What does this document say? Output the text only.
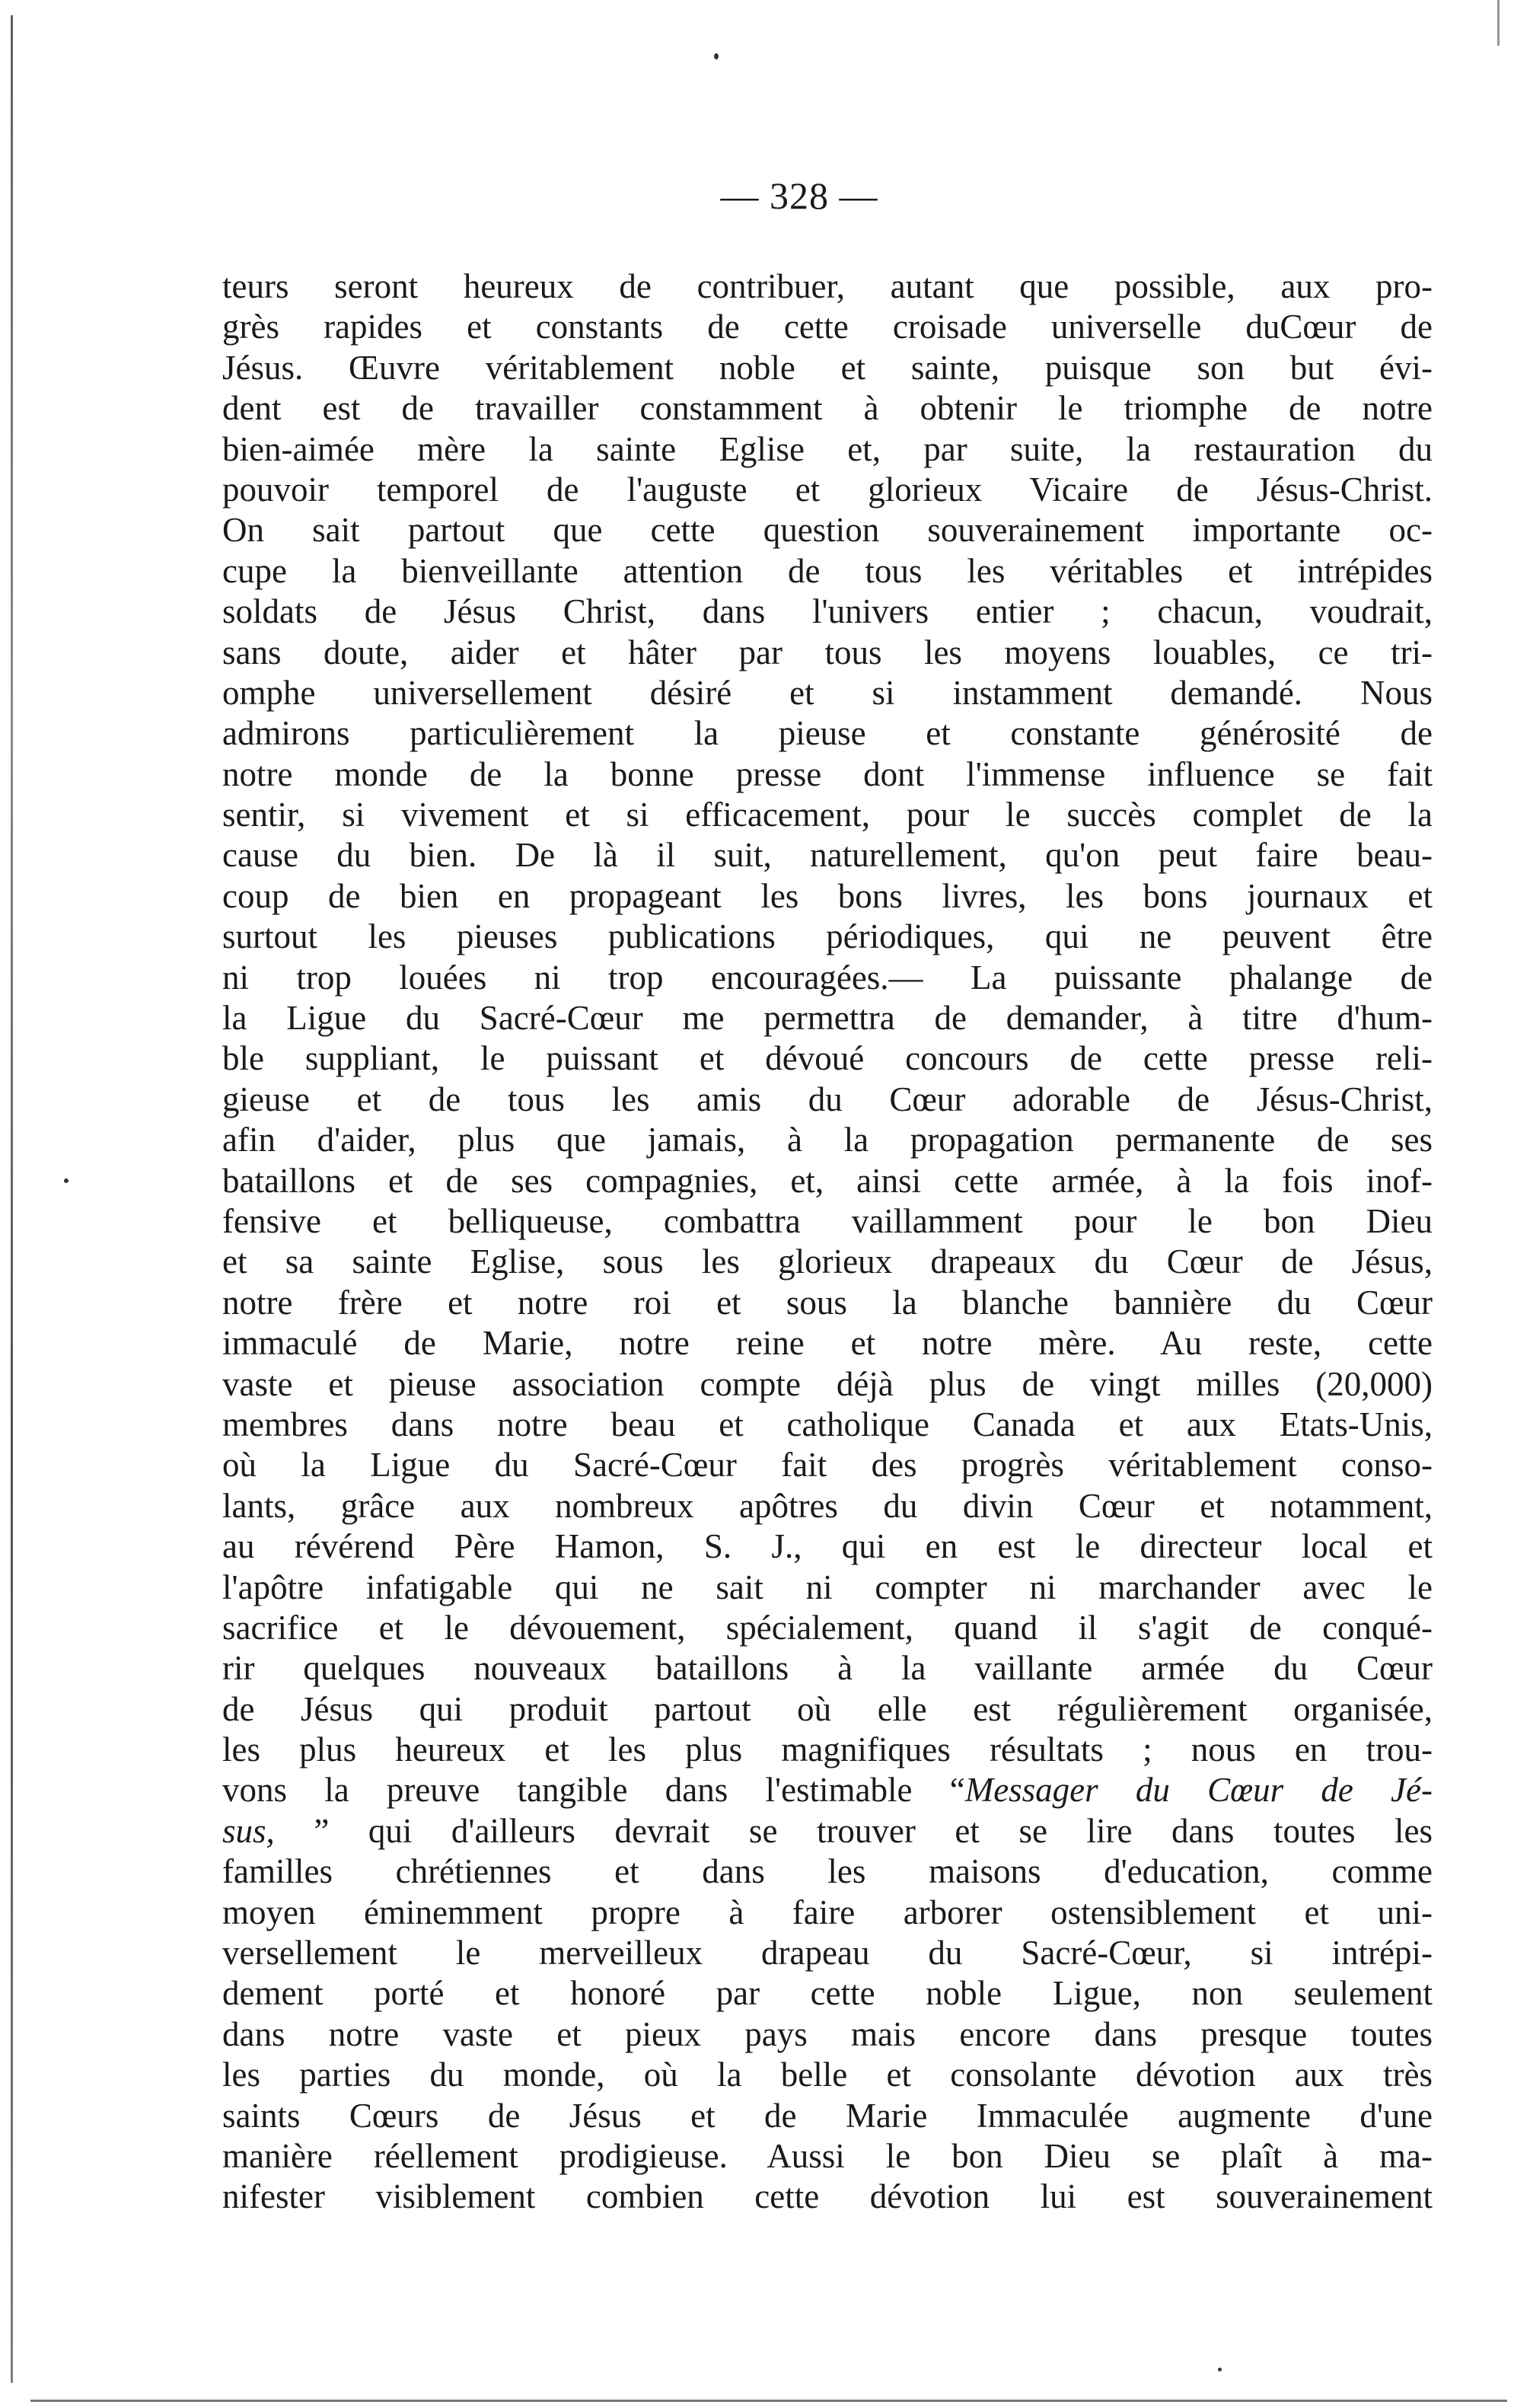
— 328 —
teurs seront heureux de contribuer, autant que possible, aux pro-
grès rapides et constants de cette croisade universelle duCœur de
Jésus. Œuvre véritablement noble et sainte, puisque son but évi-
dent est de travailler constamment à obtenir le triomphe de notre
bien-aimée mère la sainte Eglise et, par suite, la restauration du
pouvoir temporel de l'auguste et glorieux Vicaire de Jésus-Christ.
On sait partout que cette question souverainement importante oc-
cupe la bienveillante attention de tous les véritables et intrépides
soldats de Jésus Christ, dans l'univers entier ; chacun, voudrait,
sans doute, aider et hâter par tous les moyens louables, ce tri-
omphe universellement désiré et si instamment demandé. Nous
admirons particulièrement la pieuse et constante générosité de
notre monde de la bonne presse dont l'immense influence se fait
sentir, si vivement et si efficacement, pour le succès complet de la
cause du bien. De là il suit, naturellement, qu'on peut faire beau-
coup de bien en propageant les bons livres, les bons journaux et
surtout les pieuses publications périodiques, qui ne peuvent être
ni trop louées ni trop encouragées.— La puissante phalange de
la Ligue du Sacré-Cœur me permettra de demander, à titre d'hum-
ble suppliant, le puissant et dévoué concours de cette presse reli-
gieuse et de tous les amis du Cœur adorable de Jésus-Christ,
afin d'aider, plus que jamais, à la propagation permanente de ses
bataillons et de ses compagnies, et, ainsi cette armée, à la fois inof-
fensive et belliqueuse, combattra vaillamment pour le bon Dieu
et sa sainte Eglise, sous les glorieux drapeaux du Cœur de Jésus,
notre frère et notre roi et sous la blanche bannière du Cœur
immaculé de Marie, notre reine et notre mère. Au reste, cette
vaste et pieuse association compte déjà plus de vingt milles (20,000)
membres dans notre beau et catholique Canada et aux Etats-Unis,
où la Ligue du Sacré-Cœur fait des progrès véritablement conso-
lants, grâce aux nombreux apôtres du divin Cœur et notamment,
au révérend Père Hamon, S. J., qui en est le directeur local et
l'apôtre infatigable qui ne sait ni compter ni marchander avec le
sacrifice et le dévouement, spécialement, quand il s'agit de conqué-
rir quelques nouveaux bataillons à la vaillante armée du Cœur
de Jésus qui produit partout où elle est régulièrement organisée,
les plus heureux et les plus magnifiques résultats ; nous en trou-
vons la preuve tangible dans l'estimable “Messager du Cœur de Jé-
sus, ” qui d'ailleurs devrait se trouver et se lire dans toutes les
familles chrétiennes et dans les maisons d'education, comme
moyen éminemment propre à faire arborer ostensiblement et uni-
versellement le merveilleux drapeau du Sacré-Cœur, si intrépi-
dement porté et honoré par cette noble Ligue, non seulement
dans notre vaste et pieux pays mais encore dans presque toutes
les parties du monde, où la belle et consolante dévotion aux très
saints Cœurs de Jésus et de Marie Immaculée augmente d'une
manière réellement prodigieuse. Aussi le bon Dieu se plaît à ma-
nifester visiblement combien cette dévotion lui est souverainement
